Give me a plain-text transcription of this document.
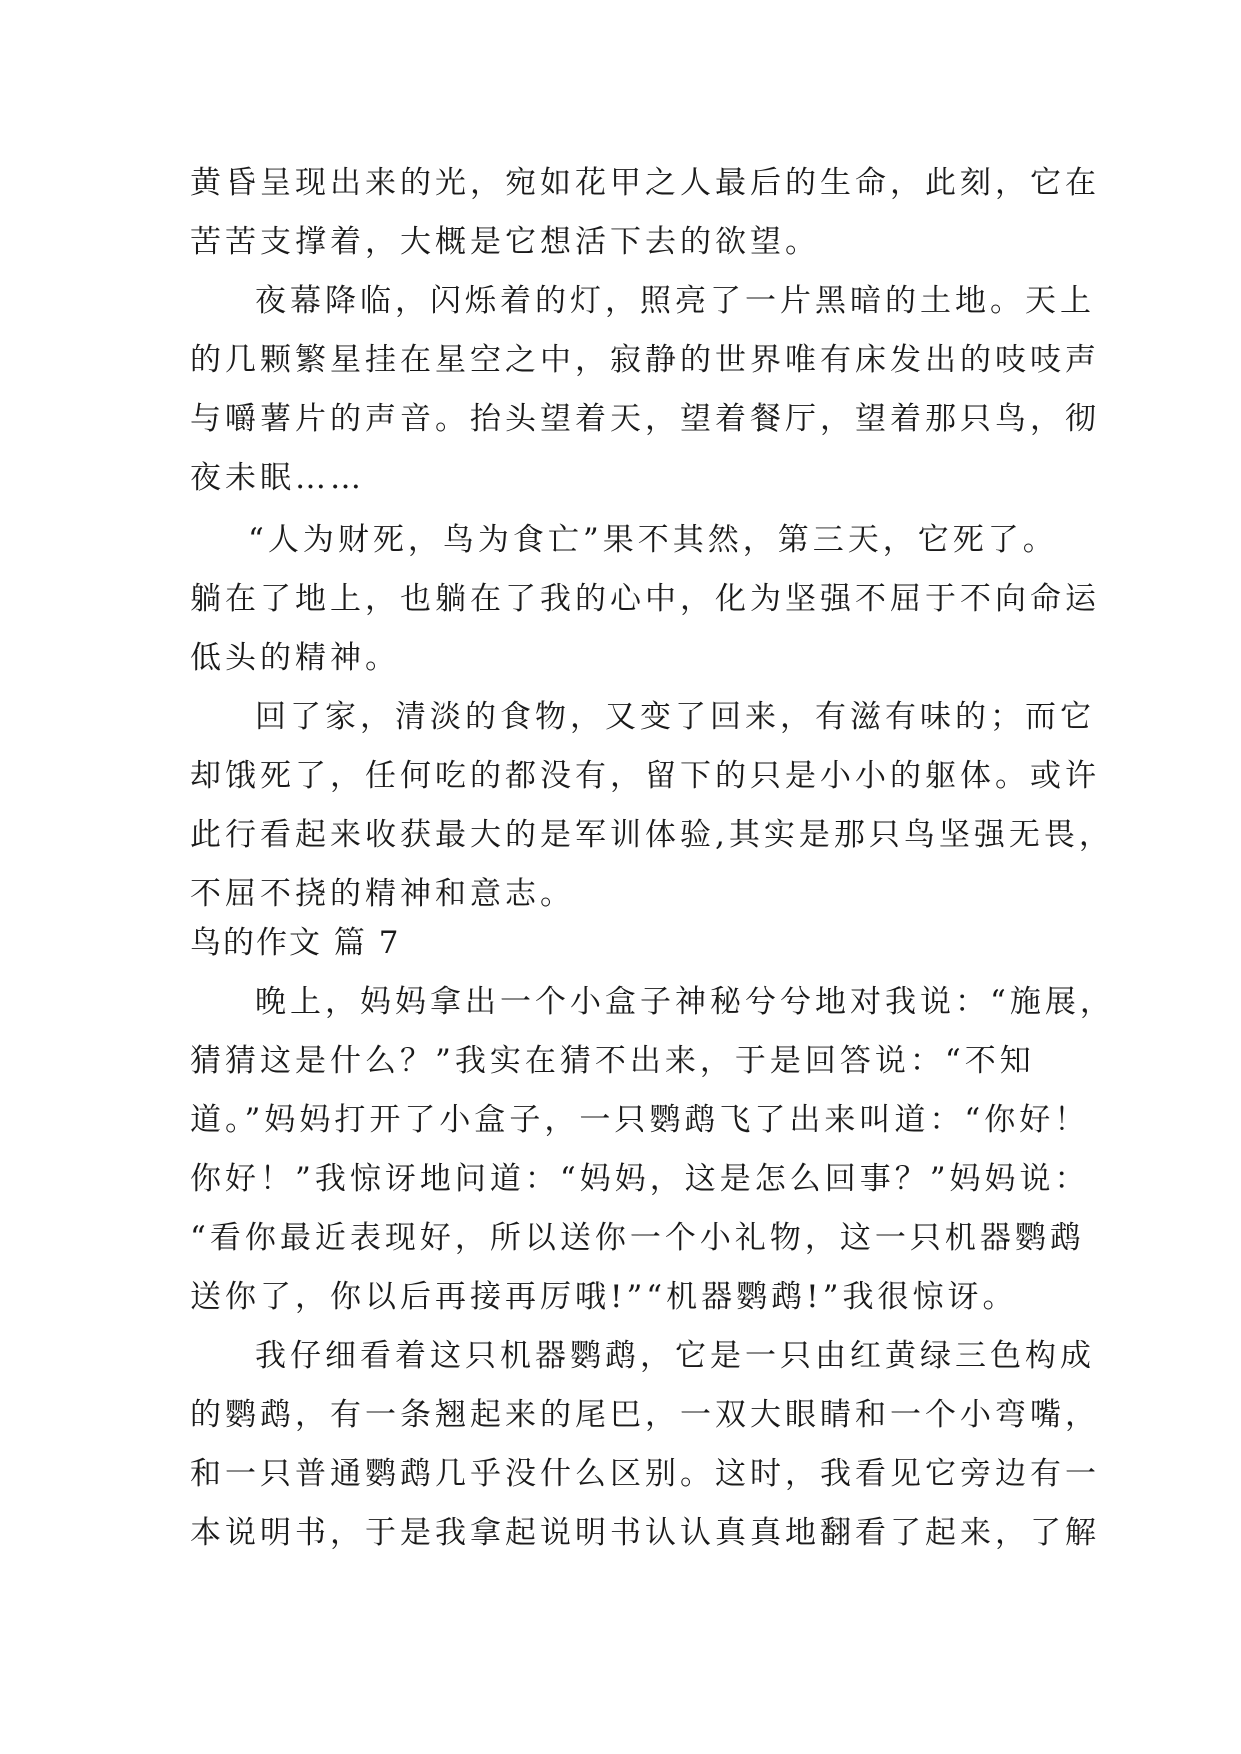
黄昏呈现出来的光，宛如花甲之人最后的生命，此刻，它在
苦苦支撑着，大概是它想活下去的欲望。
夜幕降临，闪烁着的灯，照亮了一片黑暗的土地。天上
的几颗繁星挂在星空之中，寂静的世界唯有床发出的吱吱声
与嚼薯片的声音。抬头望着天，望着餐厅，望着那只鸟，彻
夜未眠……
“人为财死，鸟为食亡”果不其然，第三天，它死了。
躺在了地上，也躺在了我的心中，化为坚强不屈于不向命运
低头的精神。
回了家，清淡的食物，又变了回来，有滋有味的；而它
却饿死了，任何吃的都没有，留下的只是小小的躯体。或许
此行看起来收获最大的是军训体验,其实是那只鸟坚强无畏，
不屈不挠的精神和意志。
鸟的作文 篇 7
晚上，妈妈拿出一个小盒子神秘兮兮地对我说：“施展，
猜猜这是什么？”我实在猜不出来，于是回答说：“不知
道。”妈妈打开了小盒子，一只鹦鹉飞了出来叫道：“你好！
你好！”我惊讶地问道：“妈妈，这是怎么回事？”妈妈说：
“看你最近表现好，所以送你一个小礼物，这一只机器鹦鹉
送你了，你以后再接再厉哦!”“机器鹦鹉!”我很惊讶。
我仔细看着这只机器鹦鹉，它是一只由红黄绿三色构成
的鹦鹉，有一条翘起来的尾巴，一双大眼睛和一个小弯嘴，
和一只普通鹦鹉几乎没什么区别。这时，我看见它旁边有一
本说明书，于是我拿起说明书认认真真地翻看了起来，了解
